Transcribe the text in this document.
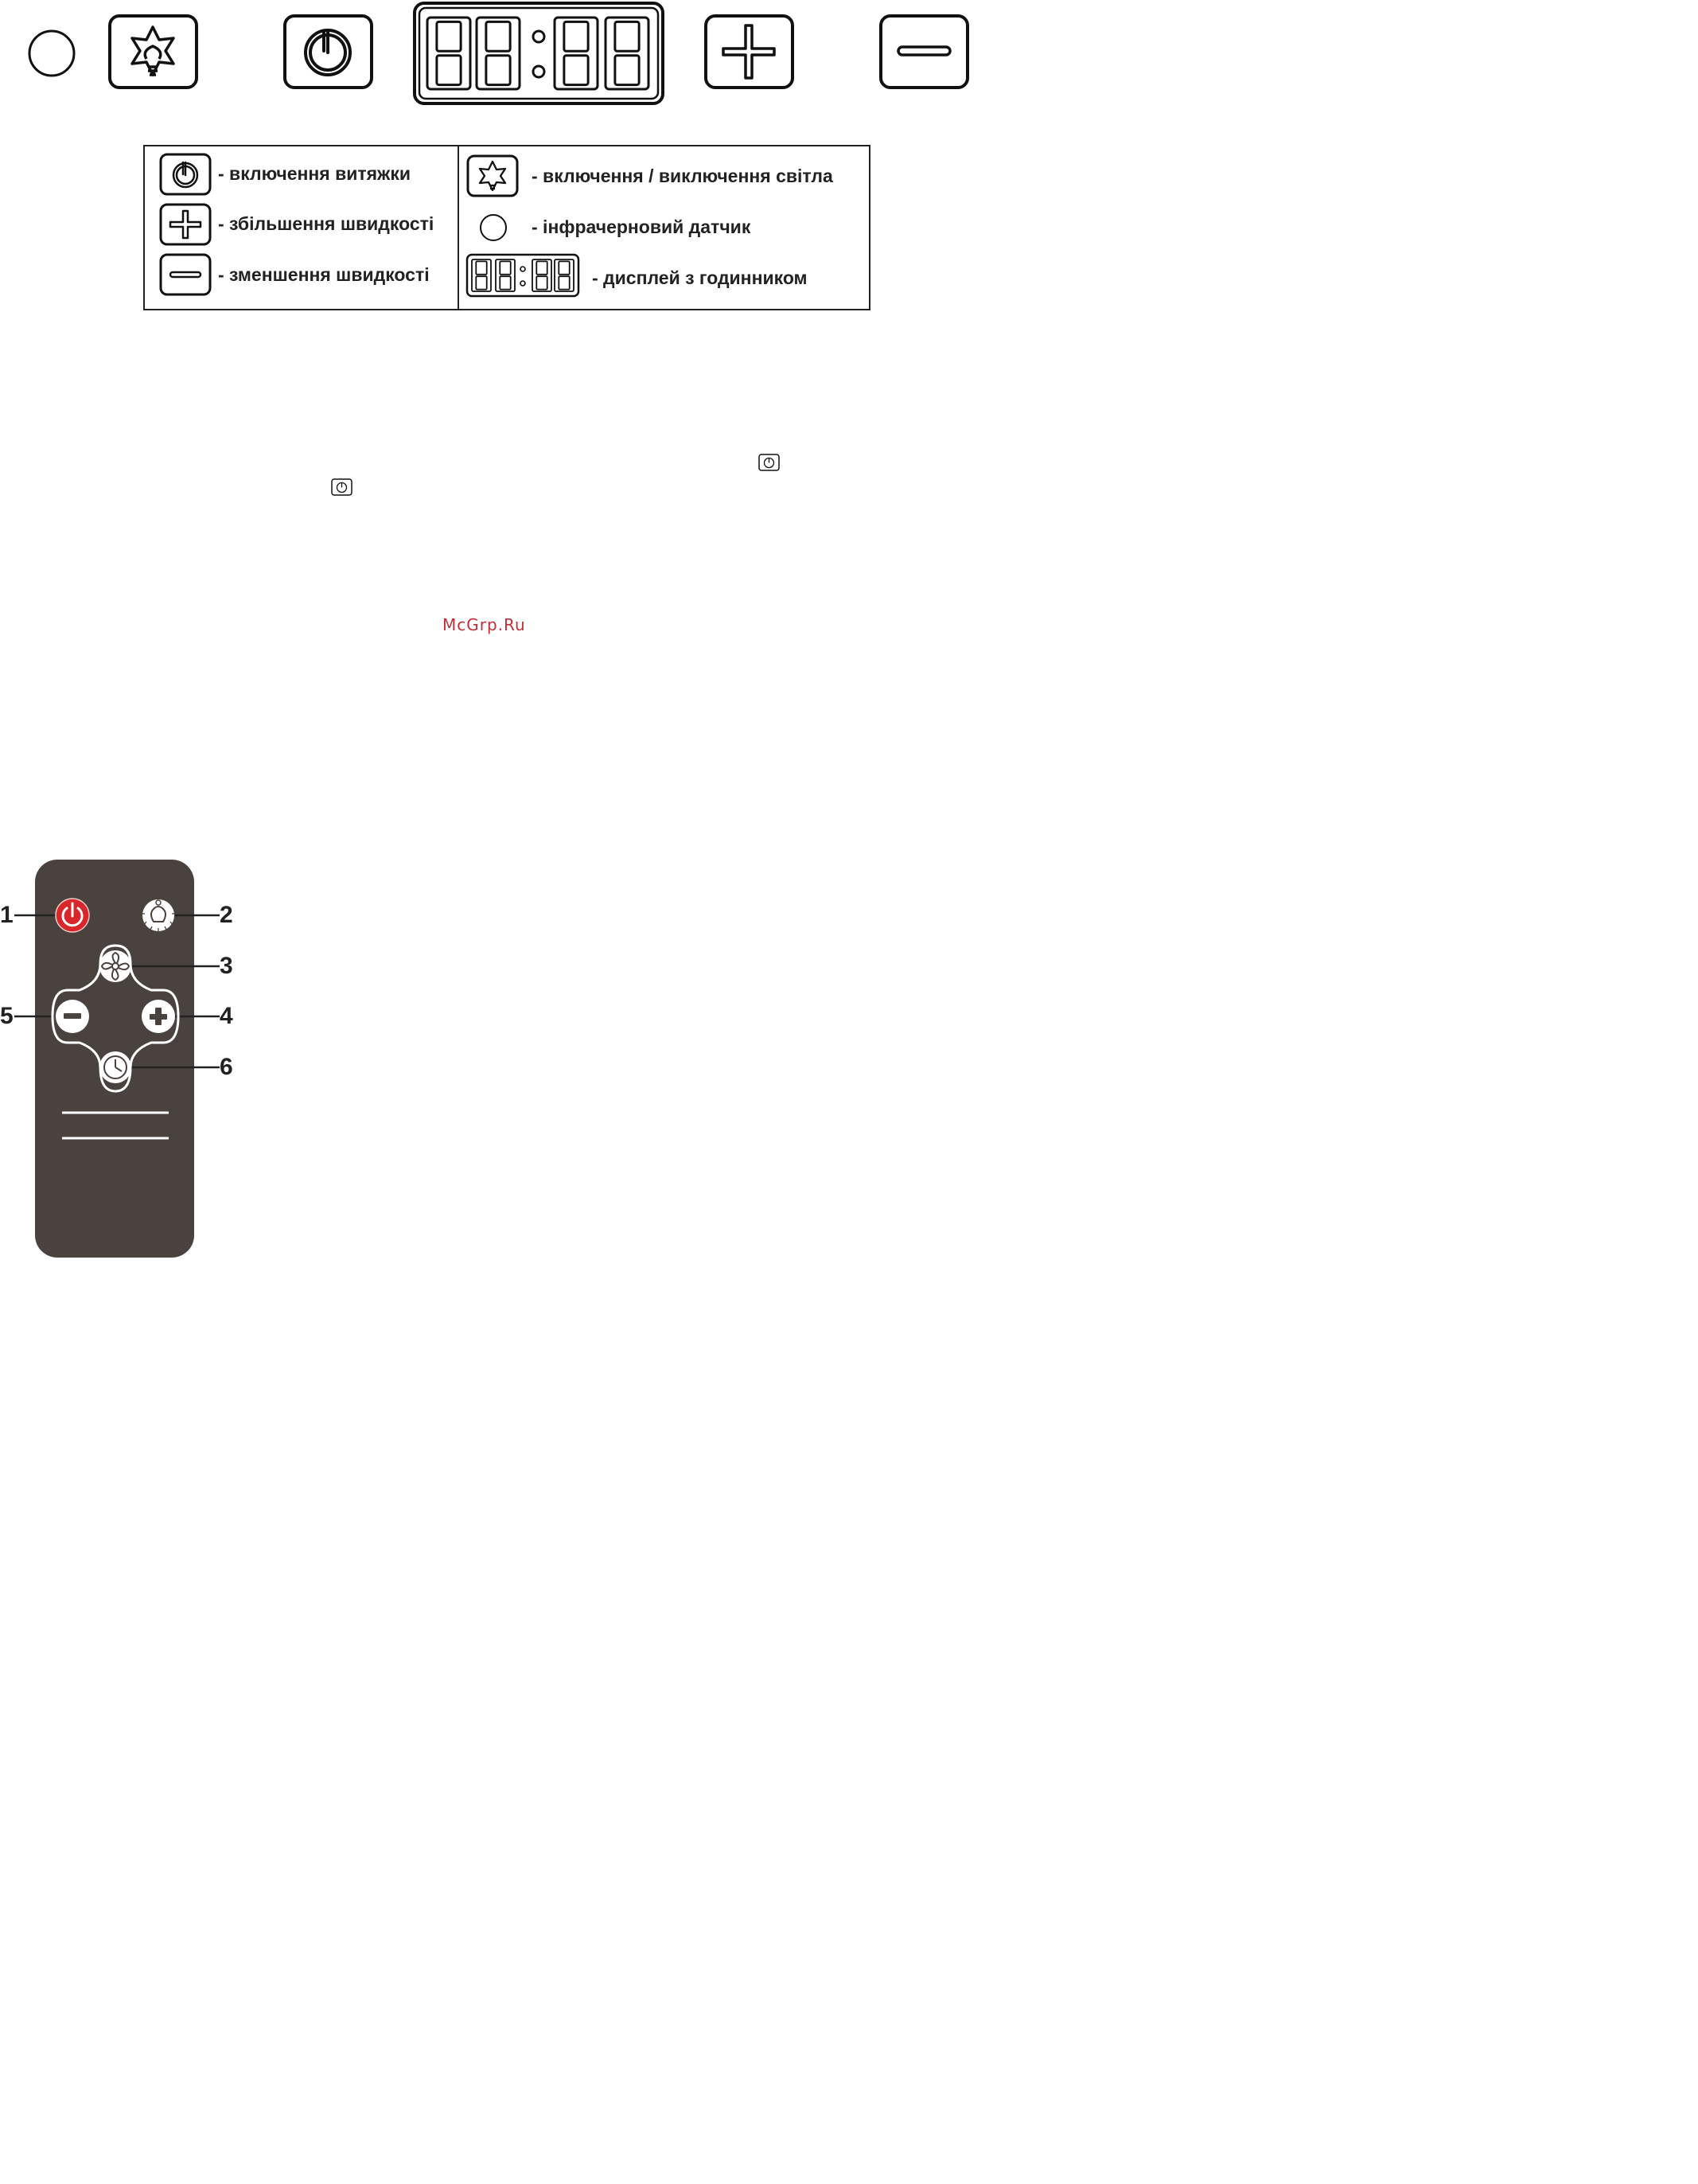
- включення витяжки
- збільшення швидкості
- зменшення швидкості
- включення / виключення світла
- інфрачерновий датчик
- дисплей з годинником
McGrp.Ru
1	2
3
4
5
6
